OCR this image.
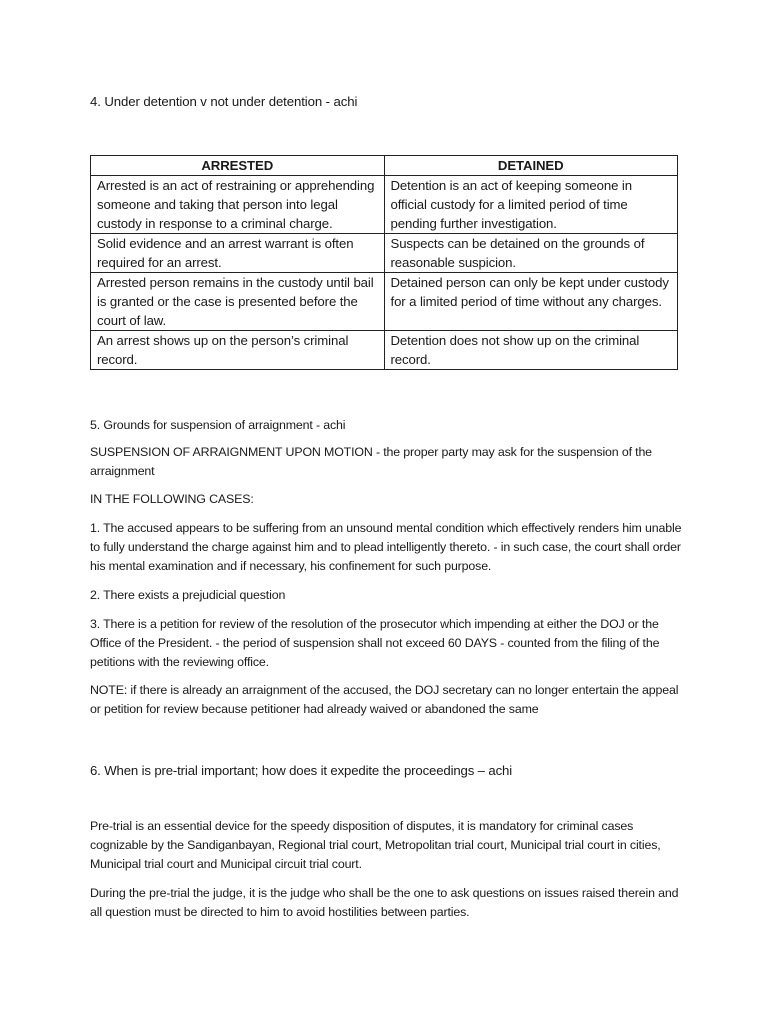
4. Under detention v not under detention - achi
ARRESTED	DETAINED
Arrested is an act of restraining or apprehending someone and taking that person into legal custody in response to a criminal charge.	Detention is an act of keeping someone in official custody for a limited period of time pending further investigation.
Solid evidence and an arrest warrant is often required for an arrest.	Suspects can be detained on the grounds of reasonable suspicion.
Arrested person remains in the custody until bail is granted or the case is presented before the court of law.	Detained person can only be kept under custody for a limited period of time without any charges.
An arrest shows up on the person’s criminal record.	Detention does not show up on the criminal record.
5. Grounds for suspension of arraignment - achi
SUSPENSION OF ARRAIGNMENT UPON MOTION - the proper party may ask for the suspension of the arraignment
IN THE FOLLOWING CASES:
1. The accused appears to be suffering from an unsound mental condition which effectively renders him unable to fully understand the charge against him and to plead intelligently thereto. - in such case, the court shall order his mental examination and if necessary, his confinement for such purpose.
2. There exists a prejudicial question
3. There is a petition for review of the resolution of the prosecutor which impending at either the DOJ or the Office of the President. - the period of suspension shall not exceed 60 DAYS - counted from the filing of the petitions with the reviewing office.
NOTE: if there is already an arraignment of the accused, the DOJ secretary can no longer entertain the appeal or petition for review because petitioner had already waived or abandoned the same
6. When is pre-trial important; how does it expedite the proceedings – achi
Pre-trial is an essential device for the speedy disposition of disputes, it is mandatory for criminal cases cognizable by the Sandiganbayan, Regional trial court, Metropolitan trial court, Municipal trial court in cities, Municipal trial court and Municipal circuit trial court.
During the pre-trial the judge, it is the judge who shall be the one to ask questions on issues raised therein and all question must be directed to him to avoid hostilities between parties.
